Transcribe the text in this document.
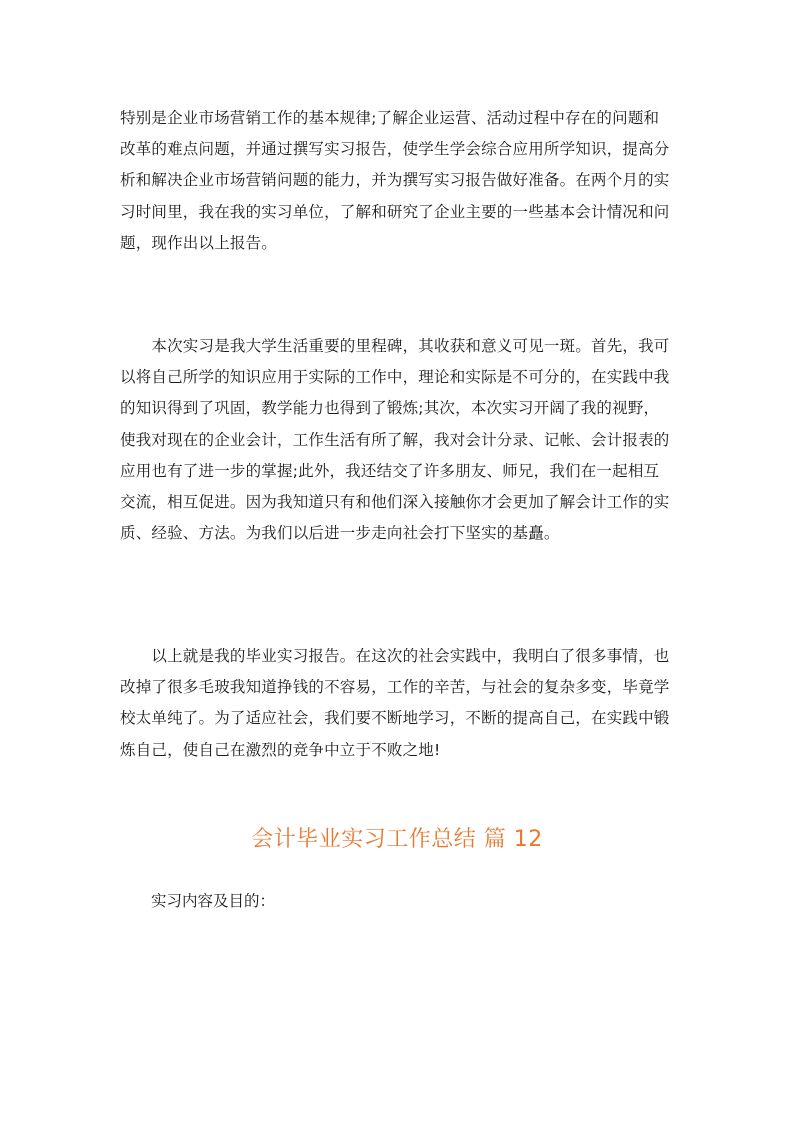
特别是企业市场营销工作的基本规律;了解企业运营、活动过程中存在的问题和
改革的难点问题，并通过撰写实习报告，使学生学会综合应用所学知识，提高分
析和解决企业市场营销问题的能力，并为撰写实习报告做好准备。在两个月的实
习时间里，我在我的实习单位，了解和研究了企业主要的一些基本会计情况和问
题，现作出以上报告。
　　本次实习是我大学生活重要的里程碑，其收获和意义可见一斑。首先，我可
以将自己所学的知识应用于实际的工作中，理论和实际是不可分的，在实践中我
的知识得到了巩固，教学能力也得到了锻炼;其次，本次实习开阔了我的视野，
使我对现在的企业会计，工作生活有所了解，我对会计分录、记帐、会计报表的
应用也有了进一步的掌握;此外，我还结交了许多朋友、师兄，我们在一起相互
交流，相互促进。因为我知道只有和他们深入接触你才会更加了解会计工作的实
质、经验、方法。为我们以后进一步走向社会打下坚实的基矗。
　　以上就是我的毕业实习报告。在这次的社会实践中，我明白了很多事情，也
改掉了很多毛玻我知道挣钱的不容易，工作的辛苦，与社会的复杂多变，毕竟学
校太单纯了。为了适应社会，我们要不断地学习，不断的提高自己，在实践中锻
炼自己，使自己在激烈的竞争中立于不败之地!
会计毕业实习工作总结 篇 12
实习内容及目的：
